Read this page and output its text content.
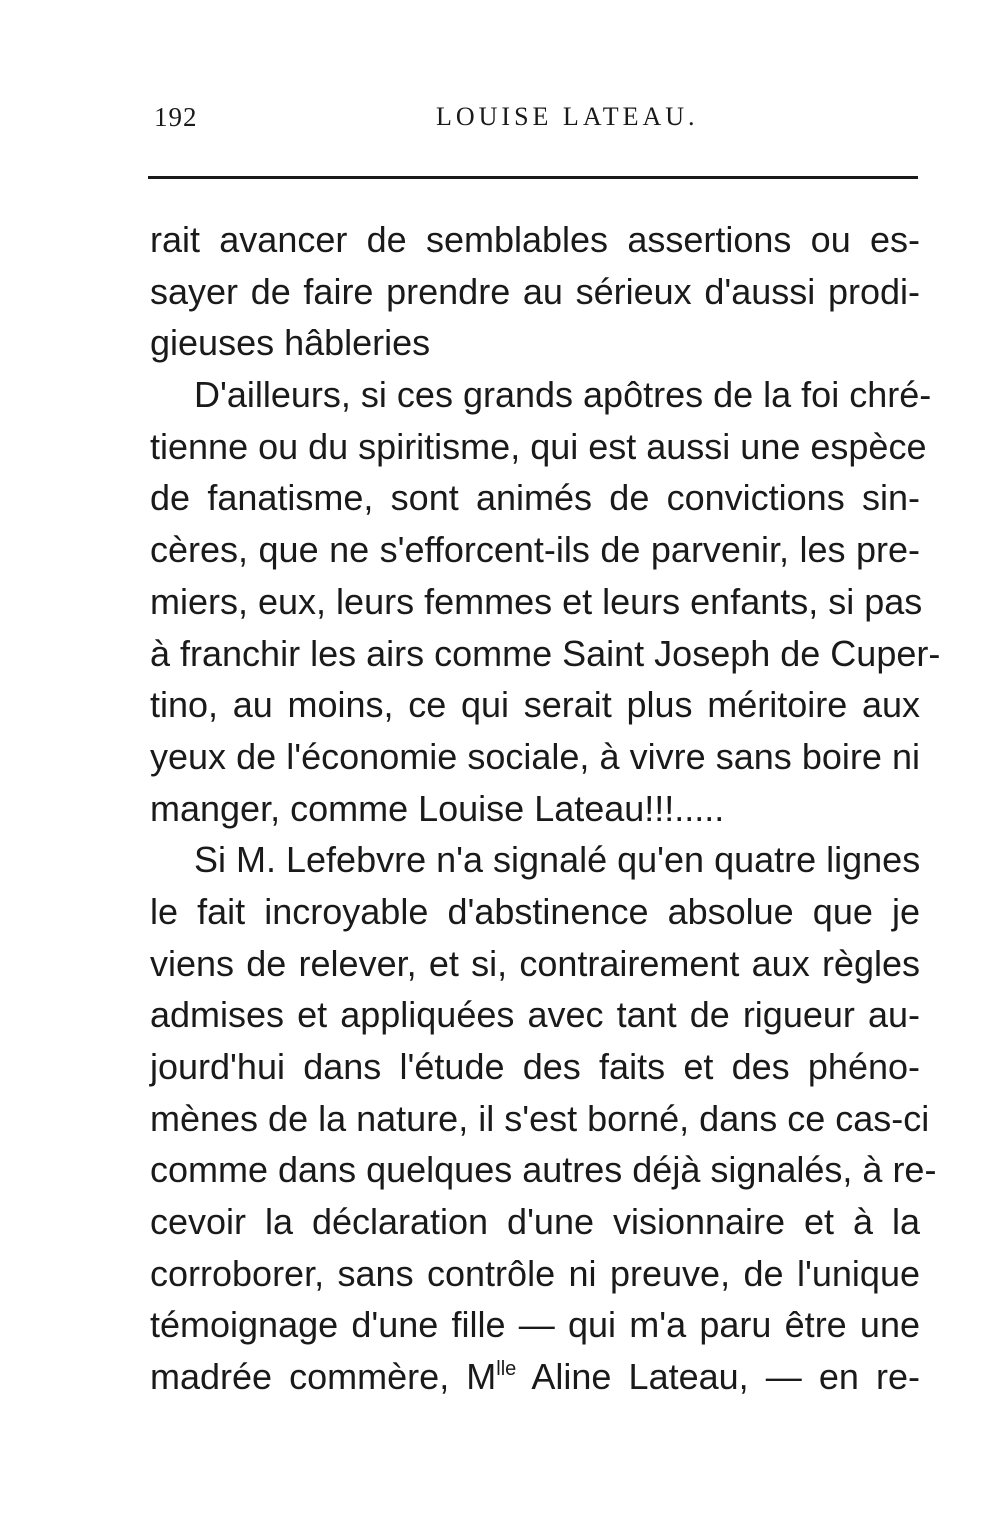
192	LOUISE LATEAU.
rait avancer de semblables assertions ou es-
sayer de faire prendre au sérieux d'aussi prodi-
gieuses hâbleries
D'ailleurs, si ces grands apôtres de la foi chré-
tienne ou du spiritisme, qui est aussi une espèce
de fanatisme, sont animés de convictions sin-
cères, que ne s'efforcent-ils de parvenir, les pre-
miers, eux, leurs femmes et leurs enfants, si pas
à franchir les airs comme Saint Joseph de Cuper-
tino, au moins, ce qui serait plus méritoire aux
yeux de l'économie sociale, à vivre sans boire ni
manger, comme Louise Lateau!!!.....
Si M. Lefebvre n'a signalé qu'en quatre lignes
le fait incroyable d'abstinence absolue que je
viens de relever, et si, contrairement aux règles
admises et appliquées avec tant de rigueur au-
jourd'hui dans l'étude des faits et des phéno-
mènes de la nature, il s'est borné, dans ce cas-ci
comme dans quelques autres déjà signalés, à re-
cevoir la déclaration d'une visionnaire et à la
corroborer, sans contrôle ni preuve, de l'unique
témoignage d'une fille — qui m'a paru être une
madrée commère, $M^{lle}$ Aline Lateau, — en re-
